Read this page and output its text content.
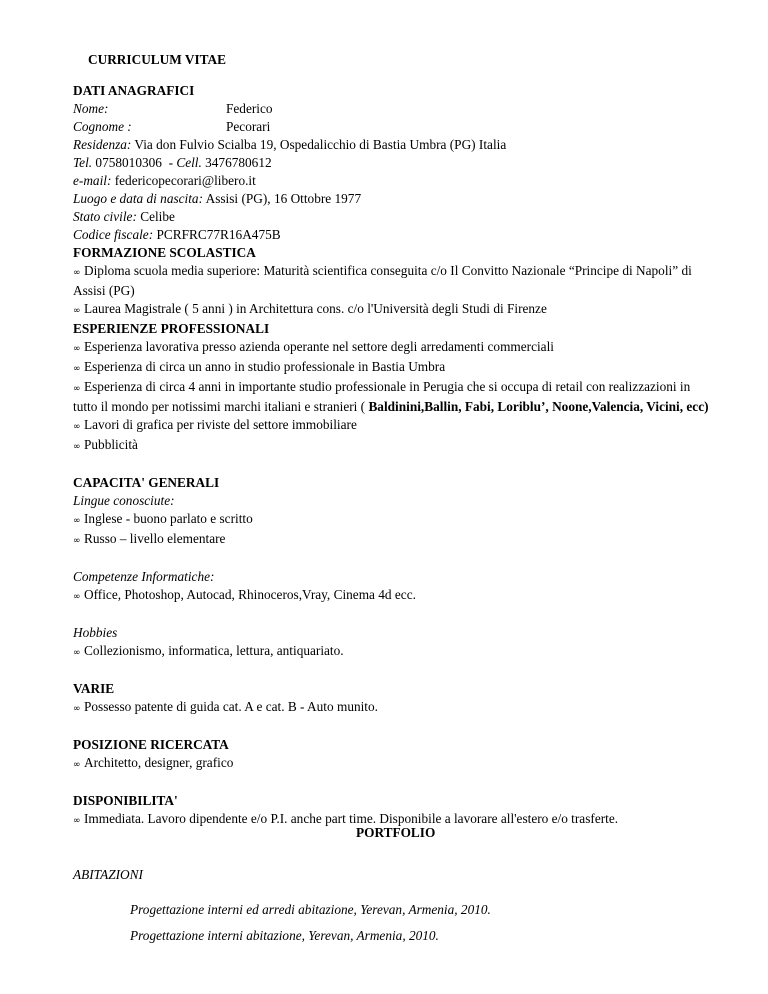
CURRICULUM VITAE
DATI ANAGRAFICI
Nome:	Federico
Cognome :	Pecorari
Residenza: Via don Fulvio Scialba 19, Ospedalicchio di Bastia Umbra (PG) Italia
Tel. 0758010306  - Cell. 3476780612
e-mail: federicopecorari@libero.it
Luogo e data di nascita: Assisi (PG), 16 Ottobre 1977
Stato civile: Celibe
Codice fiscale: PCRFRC77R16A475B
FORMAZIONE SCOLASTICA
∞ Diploma scuola media superiore: Maturità scientifica conseguita c/o Il Convitto Nazionale “Principe di Napoli” di Assisi (PG)
∞ Laurea Magistrale ( 5 anni ) in Architettura cons. c/o l'Università degli Studi di Firenze
ESPERIENZE PROFESSIONALI
∞ Esperienza lavorativa presso azienda operante nel settore degli arredamenti commerciali
∞ Esperienza di circa un anno in studio professionale in Bastia Umbra
∞ Esperienza di circa 4 anni in importante studio professionale in Perugia che si occupa di retail con realizzazioni in tutto il mondo per notissimi marchi italiani e stranieri ( Baldinini,Ballin, Fabi, Loriblu’, Noone,Valencia, Vicini, ecc)
∞ Lavori di grafica per riviste del settore immobiliare
∞ Pubblicità
CAPACITA' GENERALI
Lingue conosciute:
∞ Inglese - buono parlato e scritto
∞ Russo – livello elementare
Competenze Informatiche:
∞ Office, Photoshop, Autocad, Rhinoceros,Vray, Cinema 4d ecc.
Hobbies
∞ Collezionismo, informatica, lettura, antiquariato.
VARIE
∞ Possesso patente di guida cat. A e cat. B - Auto munito.
POSIZIONE RICERCATA
∞ Architetto, designer, grafico
DISPONIBILITA'
∞ Immediata. Lavoro dipendente e/o P.I. anche part time. Disponibile a lavorare all'estero e/o trasferte.
PORTFOLIO
ABITAZIONI
Progettazione interni ed arredi abitazione, Yerevan, Armenia, 2010.
Progettazione interni abitazione, Yerevan, Armenia, 2010.
